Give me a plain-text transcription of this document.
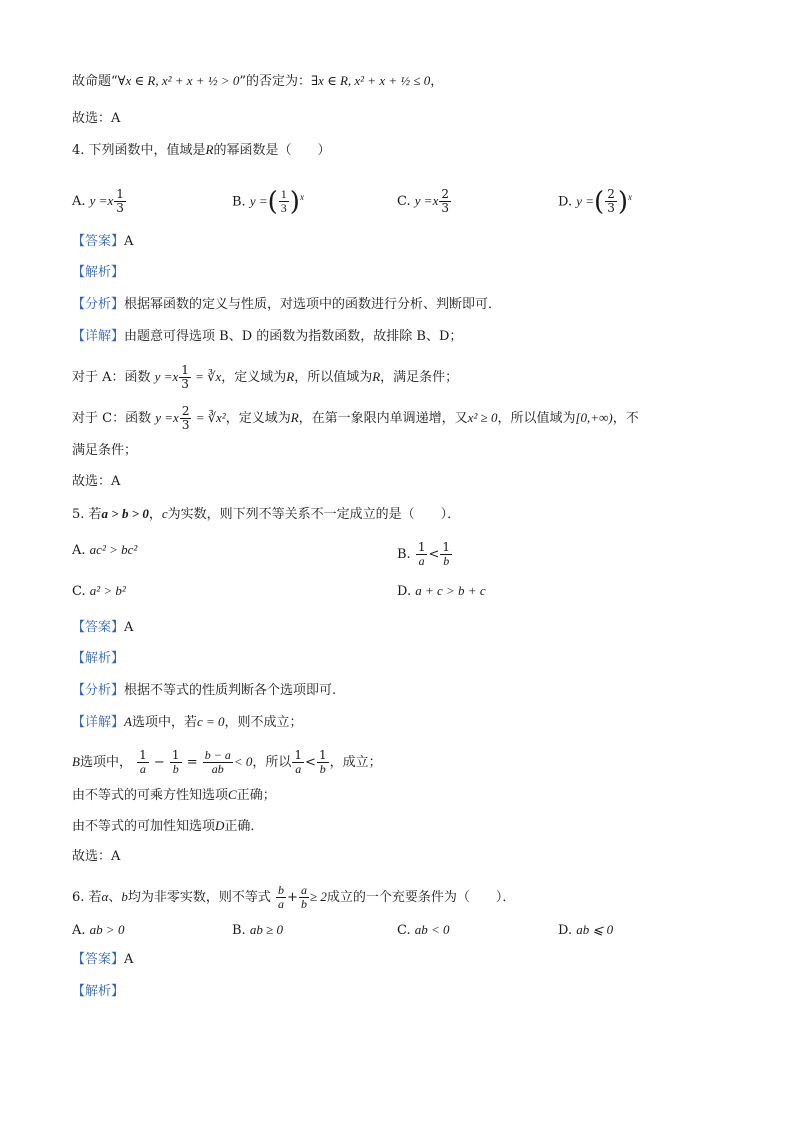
故命题“∀x ∈ R, x² + x + ½ > 0”的否定为：∃x ∈ R, x² + x + ½ ≤ 0，
故选：A
4. 下列函数中，值域是R的幂函数是（　　）
A. $y =x \frac{1}{3}$	B. y =( $\frac{1}{3} )^x$	C. $y =x \frac{2}{3}$	D. y =( $\frac{2}{3} )^x$
【答案】A
【解析】
【分析】根据幂函数的定义与性质，对选项中的函数进行分析、判断即可．
【详解】由题意可得选项 B、D 的函数为指数函数，故排除 B、D；
对于 A：函数 $y =x \frac{1}{3}$ = ∛x，定义域为R，所以值域为R，满足条件；
对于 C：函数 $y =x \frac{2}{3}$ = ∛x²，定义域为R，在第一象限内单调递增，又x² ≥ 0，所以值域为[0,+∞)，不
满足条件；
故选：A
5. 若a > b > 0，c为实数，则下列不等关系不一定成立的是（　　）．
A. ac² > bc²	B. $\frac{1}{a} < \frac{1}{b}$
C. a² > b²	D. a + c > b + c
【答案】A
【解析】
【分析】根据不等式的性质判断各个选项即可.
【详解】A选项中，若c = 0，则不成立；
B选项中， $\frac{1}{a} - \frac{1}{b} = \frac{b - a}{ab} < 0$，所以 $\frac{1}{a} < \frac{1}{b}$ ，成立；
由不等式的可乘方性知选项C正确；
由不等式的可加性知选项D正确．
故选：A
6. 若α、b均为非零实数，则不等式 $\frac{b}{a} + \frac{a}{b} \ge 2$成立的一个充要条件为（　　）．
A. ab > 0	B. ab ≥ 0	C. ab < 0	D. ab ⩽ 0
【答案】A
【解析】
